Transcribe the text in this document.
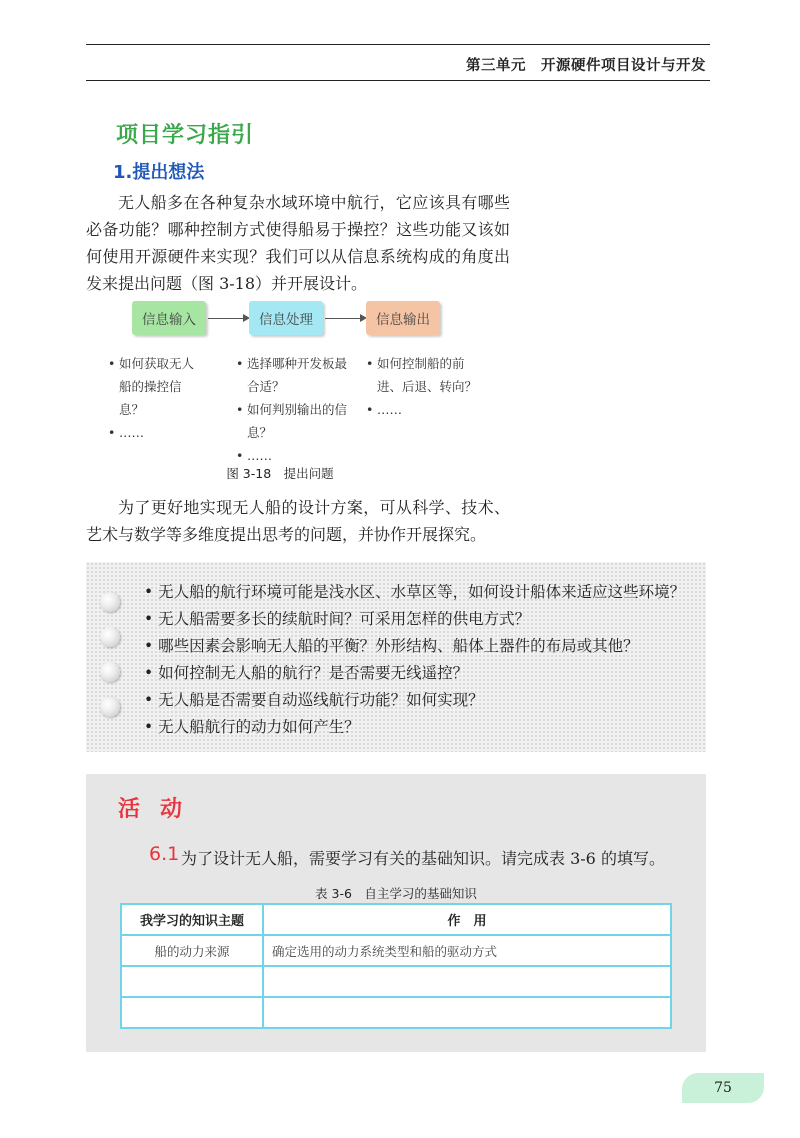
第三单元　开源硬件项目设计与开发
项目学习指引
1.提出想法

无人船多在各种复杂水域环境中航行，它应该具有哪些必备功能？哪种控制方式使得船易于操控？这些功能又该如何使用开源硬件来实现？我们可以从信息系统构成的角度出发来提出问题（图 3-18）并开展设计。

信息输入	信息处理	信息输出
• 如何获取无人船的操控信息？
• ……
• 选择哪种开发板最合适？
• 如何判别输出的信息？
• ……
• 如何控制船的前进、后退、转向？
• ……
图 3-18　提出问题

为了更好地实现无人船的设计方案，可从科学、技术、艺术与数学等多维度提出思考的问题，并协作开展探究。

• 无人船的航行环境可能是浅水区、水草区等，如何设计船体来适应这些环境？
• 无人船需要多长的续航时间？可采用怎样的供电方式？
• 哪些因素会影响无人船的平衡？外形结构、船体上器件的布局或其他？
• 如何控制无人船的航行？是否需要无线遥控？
• 无人船是否需要自动巡线航行功能？如何实现？
• 无人船航行的动力如何产生？
活动
6.1 为了设计无人船，需要学习有关的基础知识。请完成表 3-6 的填写。
表 3-6　自主学习的基础知识
我学习的知识主题	作　用
船的动力来源	确定选用的动力系统类型和船的驱动方式

75
